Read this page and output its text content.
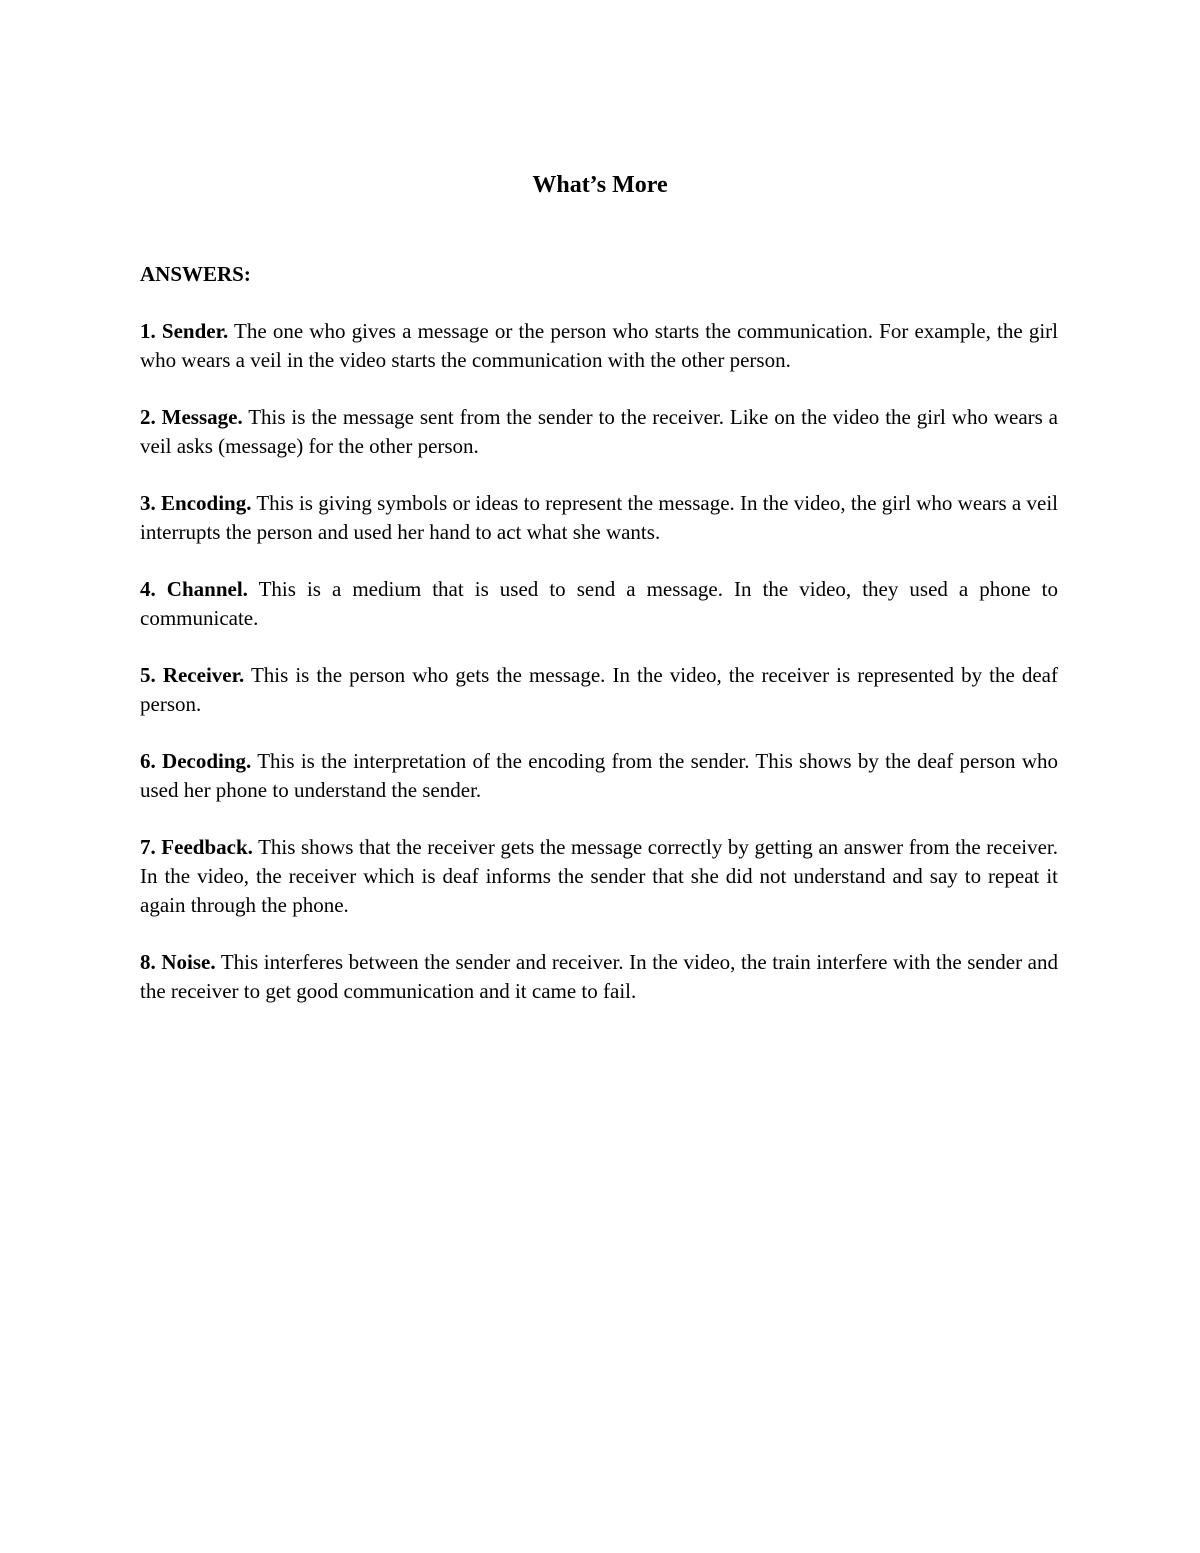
What’s More

ANSWERS:

1. Sender. The one who gives a message or the person who starts the communication. For example, the girl who wears a veil in the video starts the communication with the other person.

2. Message. This is the message sent from the sender to the receiver. Like on the video the girl who wears a veil asks (message) for the other person.

3. Encoding. This is giving symbols or ideas to represent the message. In the video, the girl who wears a veil interrupts the person and used her hand to act what she wants.

4. Channel. This is a medium that is used to send a message. In the video, they used a phone to communicate.

5. Receiver. This is the person who gets the message. In the video, the receiver is represented by the deaf person.

6. Decoding. This is the interpretation of the encoding from the sender. This shows by the deaf person who used her phone to understand the sender.

7. Feedback. This shows that the receiver gets the message correctly by getting an answer from the receiver. In the video, the receiver which is deaf informs the sender that she did not understand and say to repeat it again through the phone.

8. Noise. This interferes between the sender and receiver. In the video, the train interfere with the sender and the receiver to get good communication and it came to fail.
